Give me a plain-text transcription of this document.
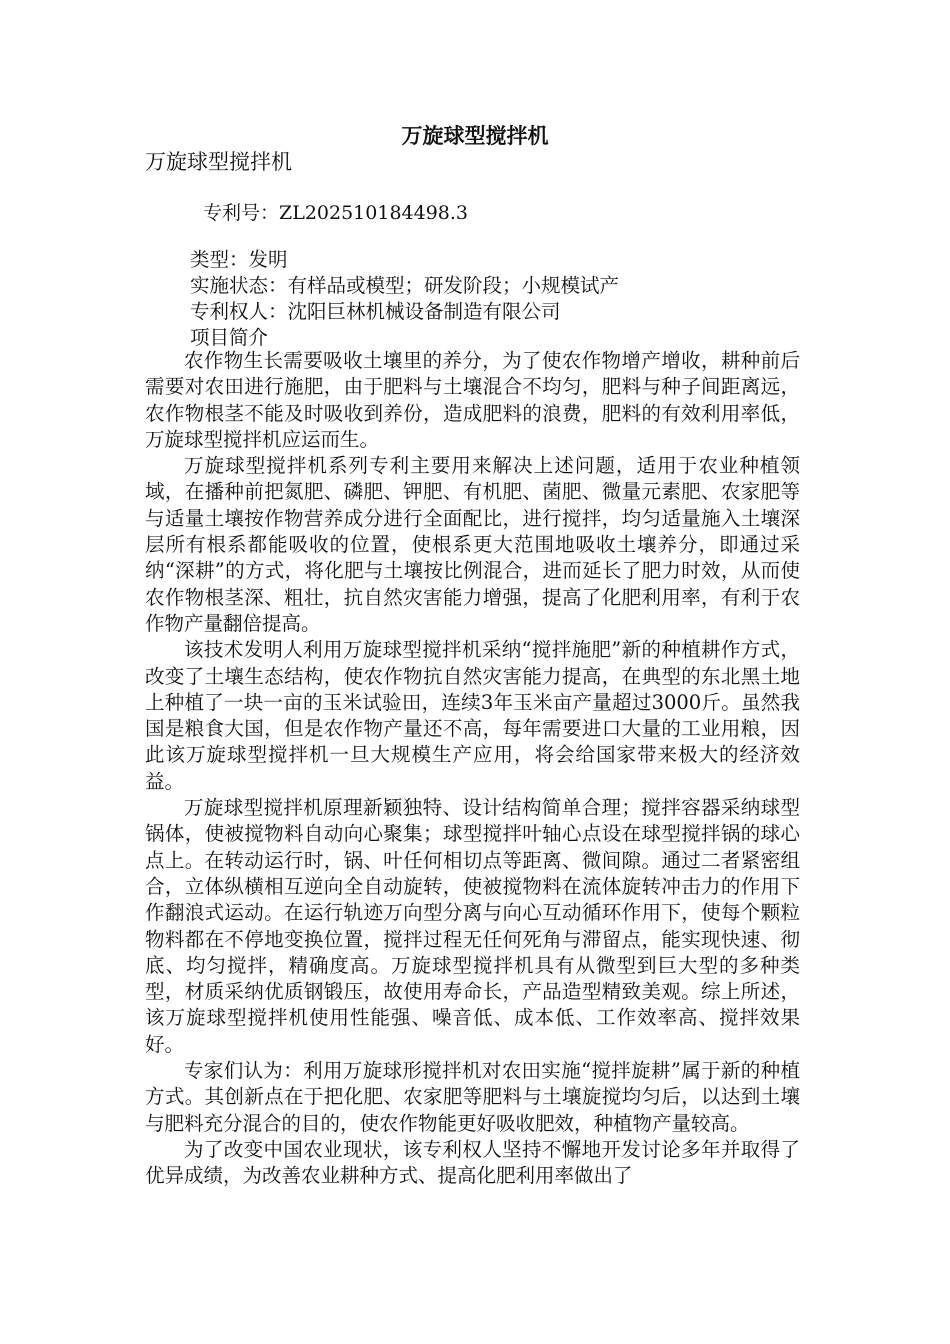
万旋球型搅拌机
万旋球型搅拌机
专利号：ZL202510184498.3
类型：发明
实施状态：有样品或模型；研发阶段；小规模试产
专利权人：沈阳巨林机械设备制造有限公司
项目简介

农作物生长需要吸收土壤里的养分，为了使农作物增产增收，耕种前后需要对农田进行施肥，由于肥料与土壤混合不均匀，肥料与种子间距离远，农作物根茎不能及时吸收到养份，造成肥料的浪费，肥料的有效利用率低，万旋球型搅拌机应运而生。

万旋球型搅拌机系列专利主要用来解决上述问题，适用于农业种植领域，在播种前把氮肥、磷肥、钾肥、有机肥、菌肥、微量元素肥、农家肥等与适量土壤按作物营养成分进行全面配比，进行搅拌，均匀适量施入土壤深层所有根系都能吸收的位置，使根系更大范围地吸收土壤养分，即通过采纳“深耕”的方式，将化肥与土壤按比例混合，进而延长了肥力时效，从而使农作物根茎深、粗壮，抗自然灾害能力增强，提高了化肥利用率，有利于农作物产量翻倍提高。

该技术发明人利用万旋球型搅拌机采纳“搅拌施肥”新的种植耕作方式，改变了土壤生态结构，使农作物抗自然灾害能力提高，在典型的东北黑土地上种植了一块一亩的玉米试验田，连续3年玉米亩产量超过3000斤。虽然我国是粮食大国，但是农作物产量还不高，每年需要进口大量的工业用粮，因此该万旋球型搅拌机一旦大规模生产应用，将会给国家带来极大的经济效益。

万旋球型搅拌机原理新颖独特、设计结构简单合理；搅拌容器采纳球型锅体，使被搅物料自动向心聚集；球型搅拌叶轴心点设在球型搅拌锅的球心点上。在转动运行时，锅、叶任何相切点等距离、微间隙。通过二者紧密组合，立体纵横相互逆向全自动旋转，使被搅物料在流体旋转冲击力的作用下作翻浪式运动。在运行轨迹万向型分离与向心互动循环作用下，使每个颗粒物料都在不停地变换位置，搅拌过程无任何死角与滞留点，能实现快速、彻底、均匀搅拌，精确度高。万旋球型搅拌机具有从微型到巨大型的多种类型，材质采纳优质钢锻压，故使用寿命长，产品造型精致美观。综上所述，该万旋球型搅拌机使用性能强、噪音低、成本低、工作效率高、搅拌效果好。

专家们认为：利用万旋球形搅拌机对农田实施“搅拌旋耕”属于新的种植方式。其创新点在于把化肥、农家肥等肥料与土壤旋搅均匀后，以达到土壤与肥料充分混合的目的，使农作物能更好吸收肥效，种植物产量较高。

为了改变中国农业现状，该专利权人坚持不懈地开发讨论多年并取得了优异成绩，为改善农业耕种方式、提高化肥利用率做出了
